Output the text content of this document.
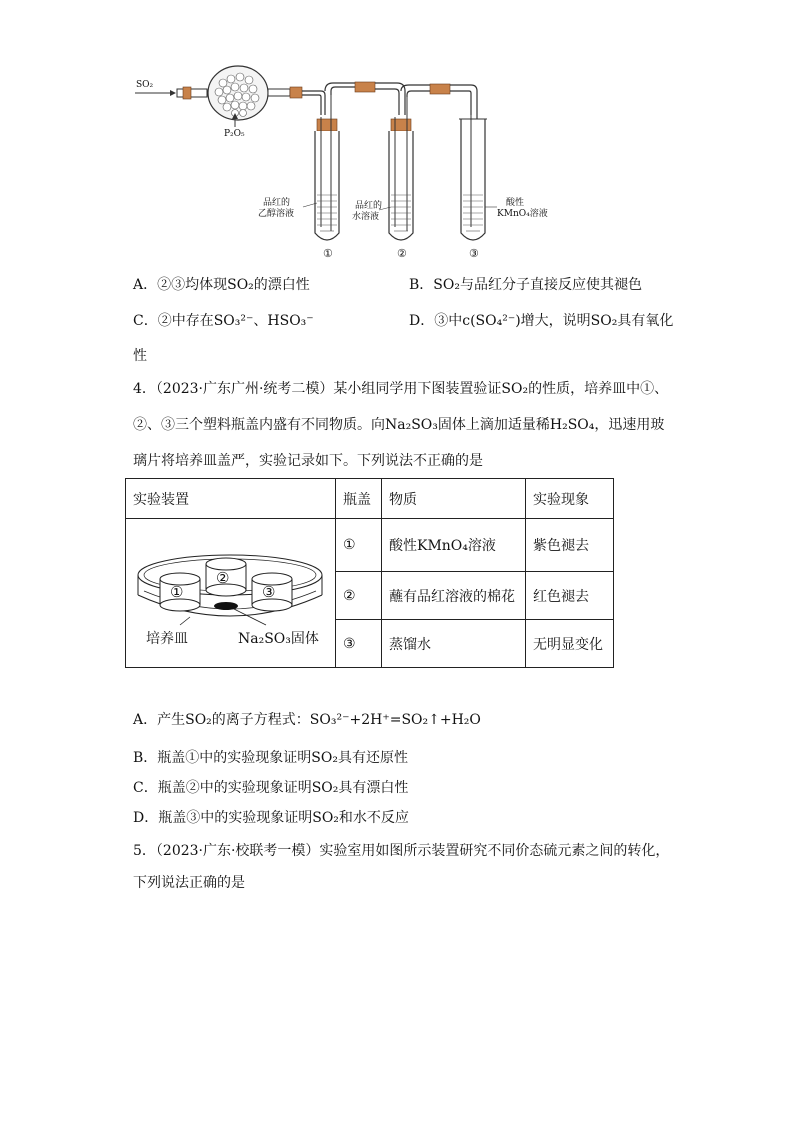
SO₂
P₂O₅
品红的
乙醇溶液
品红的
水溶液
酸性
KMnO₄溶液
①	②	③
A．②③均体现SO₂的漂白性	B．SO₂与品红分子直接反应使其褪色
C．②中存在SO₃²⁻、HSO₃⁻	D．③中c(SO₄²⁻)增大，说明SO₂具有氧化
性
4．（2023·广东广州·统考二模）某小组同学用下图装置验证SO₂的性质，培养皿中①、
②、③三个塑料瓶盖内盛有不同物质。向Na₂SO₃固体上滴加适量稀H₂SO₄，迅速用玻
璃片将培养皿盖严，实验记录如下。下列说法不正确的是
实验装置	瓶盖	物质	实验现象

①
②
③
培养皿 Na₂SO₃固体	①	酸性KMnO₄溶液	紫色褪去
	②	蘸有品红溶液的棉花	红色褪去
	③	蒸馏水	无明显变化
A．产生SO₂的离子方程式：SO₃²⁻+2H⁺=SO₂↑+H₂O
B．瓶盖①中的实验现象证明SO₂具有还原性
C．瓶盖②中的实验现象证明SO₂具有漂白性
D．瓶盖③中的实验现象证明SO₂和水不反应
5．（2023·广东·校联考一模）实验室用如图所示装置研究不同价态硫元素之间的转化，
下列说法正确的是
